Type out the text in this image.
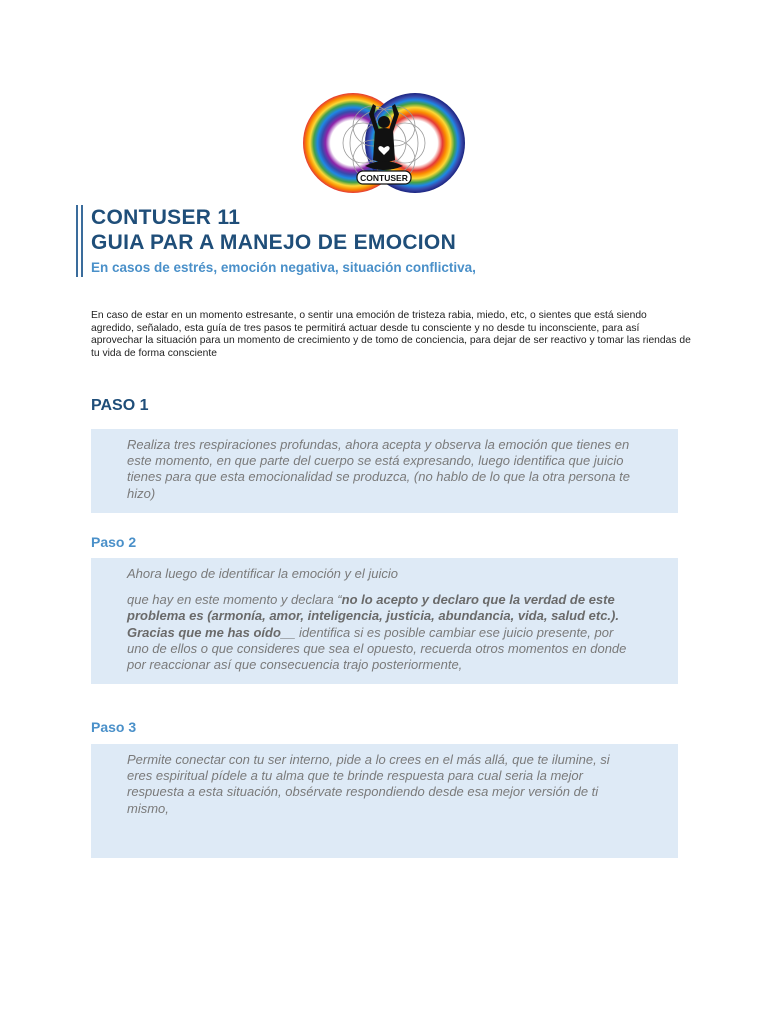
CONTUSER
CONTUSER 11
GUIA PAR A MANEJO DE EMOCION

En casos de estrés, emoción negativa, situación conflictiva,

En caso de estar en un momento estresante, o sentir una emoción de tristeza rabia, miedo, etc, o sientes que está siendo agredido, señalado, esta guía de tres pasos te permitirá actuar desde tu consciente y no desde tu inconsciente, para así aprovechar la situación para un momento de crecimiento y de tomo de conciencia, para dejar de ser reactivo y tomar las riendas de tu vida de forma consciente

PASO 1

Realiza tres respiraciones profundas, ahora acepta y observa la emoción que tienes en este momento, en que parte del cuerpo se está expresando, luego identifica que juicio tienes para que esta emocionalidad se produzca, (no hablo de lo que la otra persona te hizo)

Paso 2

Ahora luego de identificar la emoción y el juicio

que hay en este momento y declara “no lo acepto y declaro que la verdad de este problema es (armonía, amor, inteligencia, justicia, abundancia, vida, salud etc.). Gracias que me has oído__ identifica si es posible cambiar ese juicio presente, por uno de ellos o que consideres que sea el opuesto, recuerda otros momentos en donde por reaccionar así que consecuencia trajo posteriormente,

Paso 3

Permite conectar con tu ser interno, pide a lo crees en el más allá, que te ilumine, si eres espiritual pídele a tu alma que te brinde respuesta para cual seria la mejor respuesta a esta situación, obsérvate respondiendo desde esa mejor versión de ti mismo,
